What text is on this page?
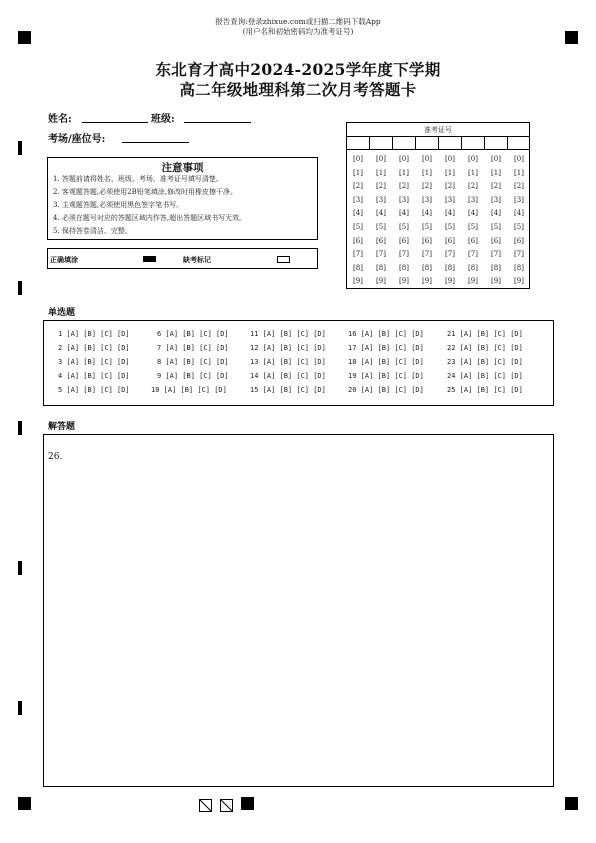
报告查询:登录zhixue.com或扫描二维码下载App
(用户名和初始密码均为准考证号)
东北育才高中2024-2025学年度下学期
高二年级地理科第二次月考答题卡
姓名:	班级:
考场/座位号:
注意事项
1. 答题前请将姓名、班级、考场、准考证号填写清楚。
2. 客观题答题,必须使用2B铅笔填涂,修改时用橡皮擦干净。
3. 主观题答题,必须使用黑色签字笔书写。
4. 必须在题号对应的答题区域内作答,超出答题区域书写无效。
5. 保持答卷清洁、完整。
正确填涂	缺考标记
准考证号
[0]	[0]	[0]	[0]	[0]	[0]	[0]	[0]
[1]	[1]	[1]	[1]	[1]	[1]	[1]	[1]
[2]	[2]	[2]	[2]	[2]	[2]	[2]	[2]
[3]	[3]	[3]	[3]	[3]	[3]	[3]	[3]
[4]	[4]	[4]	[4]	[4]	[4]	[4]	[4]
[5]	[5]	[5]	[5]	[5]	[5]	[5]	[5]
[6]	[6]	[6]	[6]	[6]	[6]	[6]	[6]
[7]	[7]	[7]	[7]	[7]	[7]	[7]	[7]
[8]	[8]	[8]	[8]	[8]	[8]	[8]	[8]
[9]	[9]	[9]	[9]	[9]	[9]	[9]	[9]
单选题
1 [A] [B] [C] [D]
2 [A] [B] [C] [D]
3 [A] [B] [C] [D]
4 [A] [B] [C] [D]
5 [A] [B] [C] [D]
6 [A] [B] [C] [D]
7 [A] [B] [C] [D]
8 [A] [B] [C] [D]
9 [A] [B] [C] [D]
10 [A] [B] [C] [D]
11 [A] [B] [C] [D]
12 [A] [B] [C] [D]
13 [A] [B] [C] [D]
14 [A] [B] [C] [D]
15 [A] [B] [C] [D]
16 [A] [B] [C] [D]
17 [A] [B] [C] [D]
18 [A] [B] [C] [D]
19 [A] [B] [C] [D]
20 [A] [B] [C] [D]
21 [A] [B] [C] [D]
22 [A] [B] [C] [D]
23 [A] [B] [C] [D]
24 [A] [B] [C] [D]
25 [A] [B] [C] [D]
解答题
26.
